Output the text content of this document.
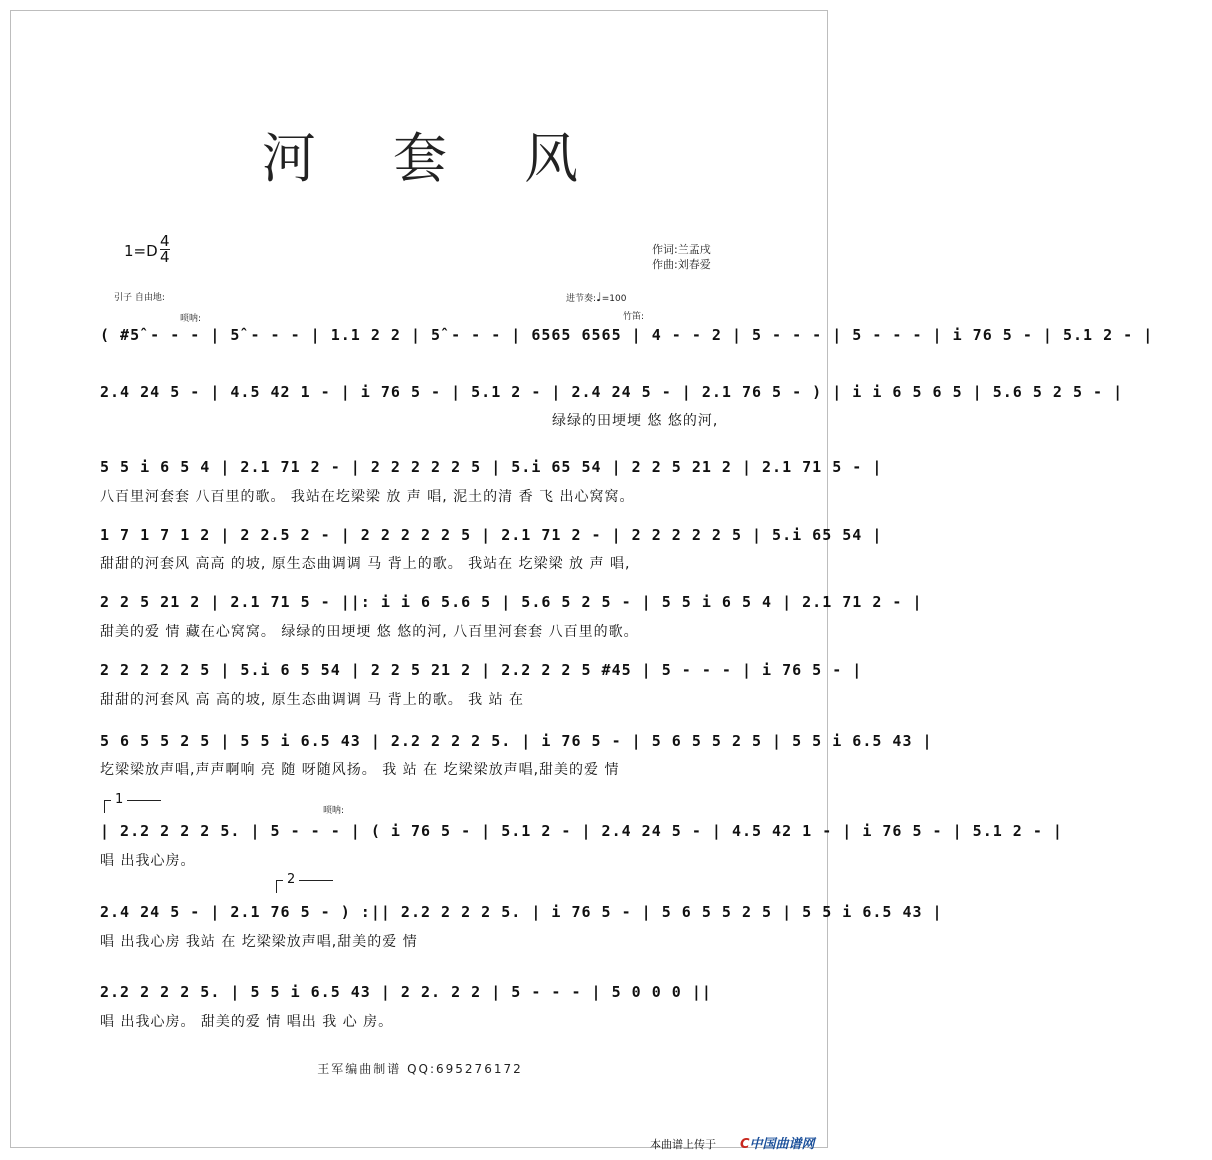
河 套 风
1=D
4
4	作词:兰孟戌
作曲:刘春爱
引子 自由地:
唢呐:
进节奏:♩=100
竹笛:
( #5̂ - - - | 5̂ - - - | 1.1 2 2 | 5̂ - - - | 6565 6565 | 4 - - 2 | 5 - - - | 5 - - - | i 76 5 - | 5.1 2 - |
2.4 24 5 - | 4.5 42 1 - | i 76 5 - | 5.1 2 - | 2.4 24 5 - | 2.1 76 5 - ) | i i 6 5 6 5 | 5.6 5 2 5 - |
绿绿的田埂埂 悠 悠的河,
5 5 i 6 5 4 | 2.1 71 2 - | 2 2 2 2 2 5 | 5.i 65 54 | 2 2 5 21 2 | 2.1 71 5 - |
八百里河套套 八百里的歌。 我站在圪梁梁 放 声 唱, 泥土的清 香 飞 出心窝窝。
1 7 1 7 1 2 | 2 2.5 2 - | 2 2 2 2 2 5 | 2.1 71 2 - | 2 2 2 2 2 5 | 5.i 65 54 |
甜甜的河套风 高高 的坡, 原生态曲调调 马 背上的歌。 我站在 圪梁梁 放 声 唱,
2 2 5 21 2 | 2.1 71 5 - ||: i i 6 5.6 5 | 5.6 5 2 5 - | 5 5 i 6 5 4 | 2.1 71 2 - |
甜美的爱 情 藏在心窝窝。 绿绿的田埂埂 悠 悠的河, 八百里河套套 八百里的歌。
2 2 2 2 2 5 | 5.i 6 5 54 | 2 2 5 21 2 | 2.2 2 2 5 #45 | 5 - - - | i 76 5 - |
甜甜的河套风 高 高的坡, 原生态曲调调 马 背上的歌。 我 站 在
5 6 5 5 2 5 | 5 5 i 6.5 43 | 2.2 2 2 2 5. | i 76 5 - | 5 6 5 5 2 5 | 5 5 i 6.5 43 |
圪梁梁放声唱,声声啊响 亮 随 呀随风扬。 我 站 在 圪梁梁放声唱,甜美的爱 情
1
唢呐:
| 2.2 2 2 2 5. | 5 - - - | ( i 76 5 - | 5.1 2 - | 2.4 24 5 - | 4.5 42 1 - | i 76 5 - | 5.1 2 - |
唱 出我心房。
2
2.4 24 5 - | 2.1 76 5 - ) :|| 2.2 2 2 2 5. | i 76 5 - | 5 6 5 5 2 5 | 5 5 i 6.5 43 |
唱 出我心房 我站 在 圪梁梁放声唱,甜美的爱 情
2.2 2 2 2 5. | 5 5 i 6.5 43 | 2 2. 2 2 | 5 - - - | 5 0 0 0 ||
唱 出我心房。 甜美的爱 情 唱出 我 心 房。
王军编曲制谱 QQ:695276172
本曲谱上传于 C中国曲谱网
